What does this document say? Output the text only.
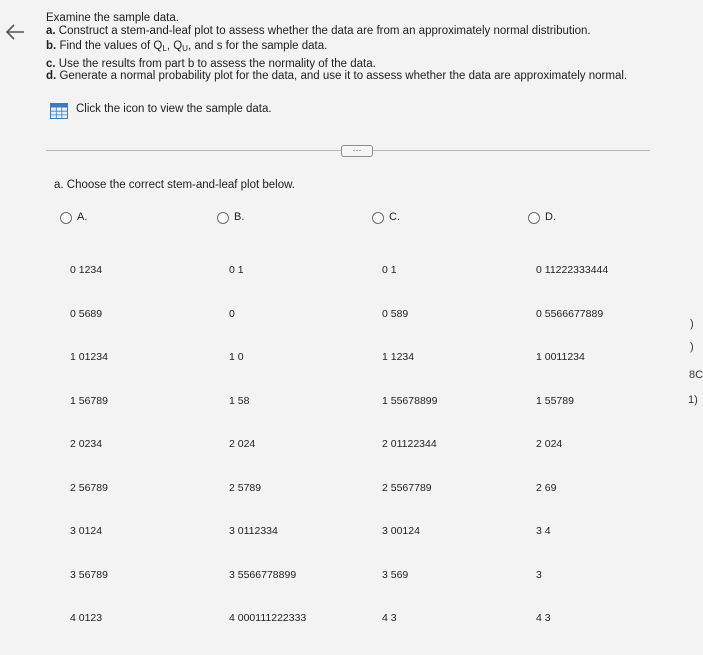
Examine the sample data.
a. Construct a stem-and-leaf plot to assess whether the data are from an approximately normal distribution.
b. Find the values of $Q_L$, $Q_U$, and s for the sample data.
c. Use the results from part b to assess the normality of the data.
d. Generate a normal probability plot for the data, and use it to assess whether the data are approximately normal.
Click the icon to view the sample data.
···
a. Choose the correct stem-and-leaf plot below.
A.

0 1234

0 5689

1 01234

1 56789

2 0234

2 56789

3 0124

3 56789

4 0123

B.

0 1

0

1 0

1 58

2 024

2 5789

3 0112334

3 5566778899

4 000111222333

C.

0 1

0 589

1 1234

1 55678899

2 01122344

2 5567789

3 00124

3 569

4 3

D.

0 11222333444

0 5566677889

1 0011234

1 55789

2 024

2 69

3 4

3

4 3

)
)
8C
1)
